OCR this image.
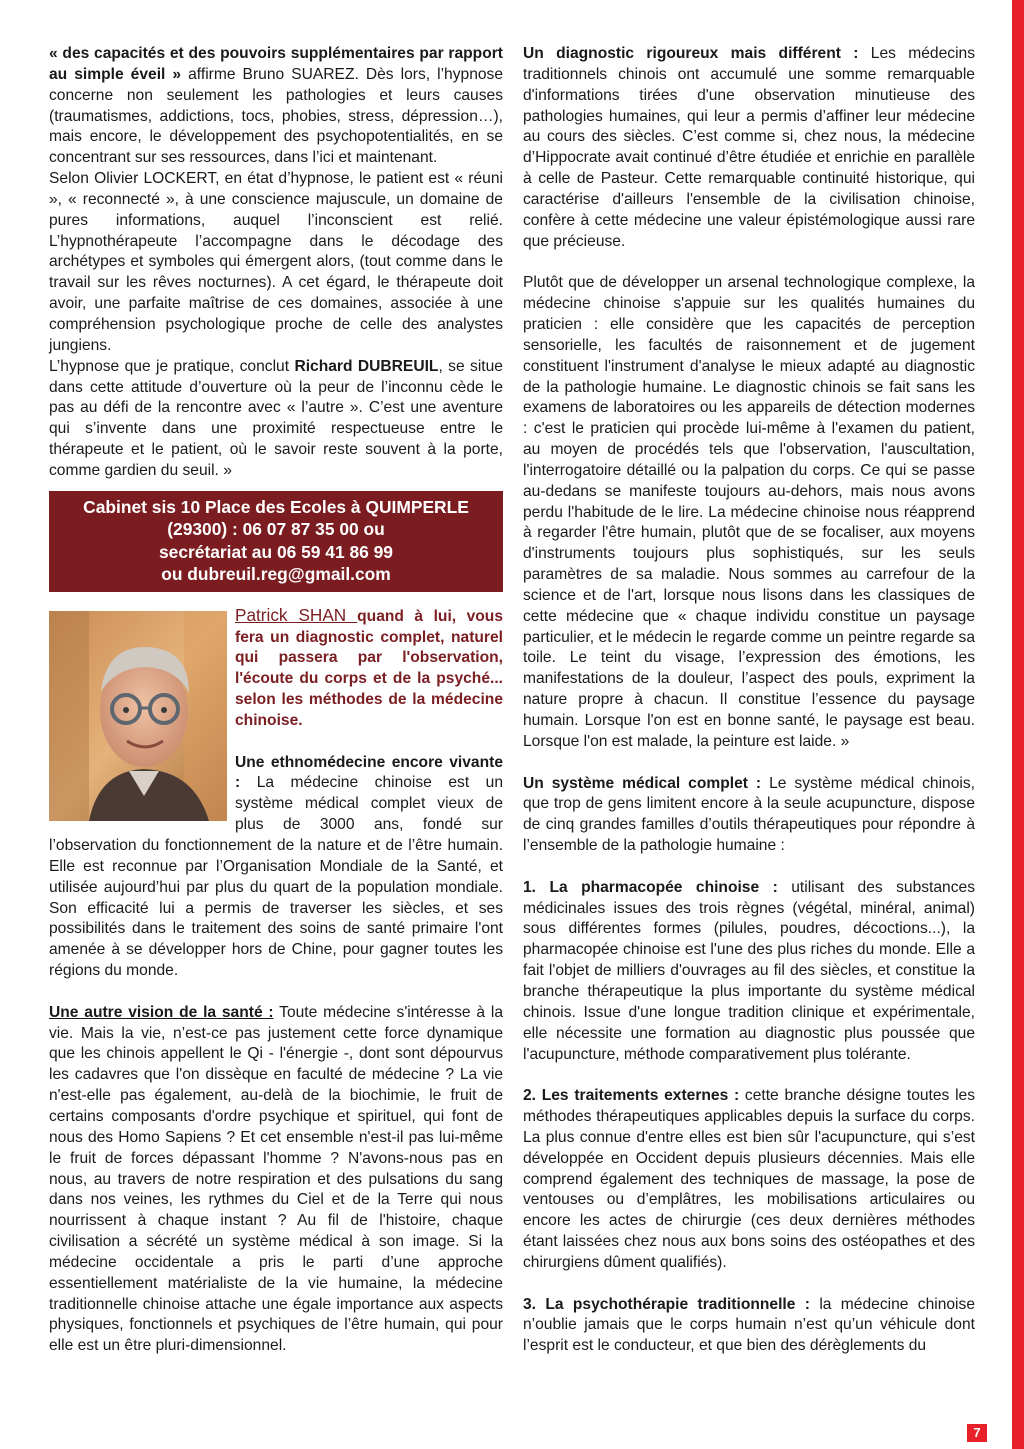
« des capacités et des pouvoirs supplémentaires par rapport au simple éveil » affirme Bruno SUAREZ. Dès lors, l’hypnose concerne non seulement les pathologies et leurs causes (traumatismes, addictions, tocs, phobies, stress, dépression…), mais encore, le développement des psychopotentialités, en se concentrant sur ses ressources, dans l’ici et maintenant.

Selon Olivier LOCKERT, en état d’hypnose, le patient est « réuni », « reconnecté », à une conscience majuscule, un domaine de pures informations, auquel l’inconscient est relié. L’hypnothérapeute l’accompagne dans le décodage des archétypes et symboles qui émergent alors, (tout comme dans le travail sur les rêves nocturnes). A cet égard, le thérapeute doit avoir, une parfaite maîtrise de ces domaines, associée à une compréhension psychologique proche de celle des analystes jungiens.

L’hypnose que je pratique, conclut Richard DUBREUIL, se situe dans cette attitude d’ouverture où la peur de l’inconnu cède le pas au défi de la rencontre avec « l’autre ». C’est une aventure qui s’invente dans une proximité respectueuse entre le thérapeute et le patient, où le savoir reste souvent à la porte, comme gardien du seuil. »

Cabinet sis 10 Place des Ecoles à QUIMPERLE
(29300) : 06 07 87 35 00 ou
secrétariat au 06 59 41 86 99
ou dubreuil.reg@gmail.com

Patrick SHAN quand à lui, vous fera un diagnostic complet, naturel qui passera par l'observation, l'écoute du corps et de la psyché... selon les méthodes de la médecine chinoise.

Une ethnomédecine encore vivante : La médecine chinoise est un système médical complet vieux de plus de 3000 ans, fondé sur l’observation du fonctionnement de la nature et de l’être humain. Elle est reconnue par l’Organisation Mondiale de la Santé, et utilisée aujourd’hui par plus du quart de la population mondiale. Son efficacité lui a permis de traverser les siècles, et ses possibilités dans le traitement des soins de santé primaire l'ont amenée à se développer hors de Chine, pour gagner toutes les régions du monde.

Une autre vision de la santé : Toute médecine s'intéresse à la vie. Mais la vie, n’est-ce pas justement cette force dynamique que les chinois appellent le Qi - l'énergie -, dont sont dépourvus les cadavres que l'on dissèque en faculté de médecine ? La vie n'est-elle pas également, au-delà de la biochimie, le fruit de certains composants d'ordre psychique et spirituel, qui font de nous des Homo Sapiens ? Et cet ensemble n'est-il pas lui-même le fruit de forces dépassant l'homme ? N'avons-nous pas en nous, au travers de notre respiration et des pulsations du sang dans nos veines, les rythmes du Ciel et de la Terre qui nous nourrissent à chaque instant ? Au fil de l'histoire, chaque civilisation a sécrété un système médical à son image. Si la médecine occidentale a pris le parti d’une approche essentiellement matérialiste de la vie humaine, la médecine traditionnelle chinoise attache une égale importance aux aspects physiques, fonctionnels et psychiques de l’être humain, qui pour elle est un être pluri-dimensionnel.

Un diagnostic rigoureux mais différent : Les médecins traditionnels chinois ont accumulé une somme remarquable d'informations tirées d'une observation minutieuse des pathologies humaines, qui leur a permis d’affiner leur médecine au cours des siècles. C’est comme si, chez nous, la médecine d’Hippocrate avait continué d’être étudiée et enrichie en parallèle à celle de Pasteur. Cette remarquable continuité historique, qui caractérise d'ailleurs l'ensemble de la civilisation chinoise, confère à cette médecine une valeur épistémologique aussi rare que précieuse.

Plutôt que de développer un arsenal technologique complexe, la médecine chinoise s'appuie sur les qualités humaines du praticien : elle considère que les capacités de perception sensorielle, les facultés de raisonnement et de jugement constituent l'instrument d'analyse le mieux adapté au diagnostic de la pathologie humaine. Le diagnostic chinois se fait sans les examens de laboratoires ou les appareils de détection modernes : c'est le praticien qui procède lui-même à l'examen du patient, au moyen de procédés tels que l'observation, l'auscultation, l'interrogatoire détaillé ou la palpation du corps. Ce qui se passe au-dedans se manifeste toujours au-dehors, mais nous avons perdu l'habitude de le lire. La médecine chinoise nous réapprend à regarder l'être humain, plutôt que de se focaliser, aux moyens d'instruments toujours plus sophistiqués, sur les seuls paramètres de sa maladie. Nous sommes au carrefour de la science et de l'art, lorsque nous lisons dans les classiques de cette médecine que « chaque individu constitue un paysage particulier, et le médecin le regarde comme un peintre regarde sa toile. Le teint du visage, l’expression des émotions, les manifestations de la douleur, l’aspect des pouls, expriment la nature propre à chacun. Il constitue l’essence du paysage humain. Lorsque l'on est en bonne santé, le paysage est beau. Lorsque l'on est malade, la peinture est laide. »

Un système médical complet : Le système médical chinois, que trop de gens limitent encore à la seule acupuncture, dispose de cinq grandes familles d’outils thérapeutiques pour répondre à l’ensemble de la pathologie humaine :

1. La pharmacopée chinoise : utilisant des substances médicinales issues des trois règnes (végétal, minéral, animal) sous différentes formes (pilules, poudres, décoctions...), la pharmacopée chinoise est l'une des plus riches du monde. Elle a fait l'objet de milliers d'ouvrages au fil des siècles, et constitue la branche thérapeutique la plus importante du système médical chinois. Issue d'une longue tradition clinique et expérimentale, elle nécessite une formation au diagnostic plus poussée que l'acupuncture, méthode comparativement plus tolérante.

2. Les traitements externes : cette branche désigne toutes les méthodes thérapeutiques applicables depuis la surface du corps. La plus connue d'entre elles est bien sûr l'acupuncture, qui s’est développée en Occident depuis plusieurs décennies. Mais elle comprend également des techniques de massage, la pose de ventouses ou d’emplâtres, les mobilisations articulaires ou encore les actes de chirurgie (ces deux dernières méthodes étant laissées chez nous aux bons soins des ostéopathes et des chirurgiens dûment qualifiés).

3. La psychothérapie traditionnelle : la médecine chinoise n’oublie jamais que le corps humain n’est qu’un véhicule dont l’esprit est le conducteur, et que bien des dérèglements du

7
